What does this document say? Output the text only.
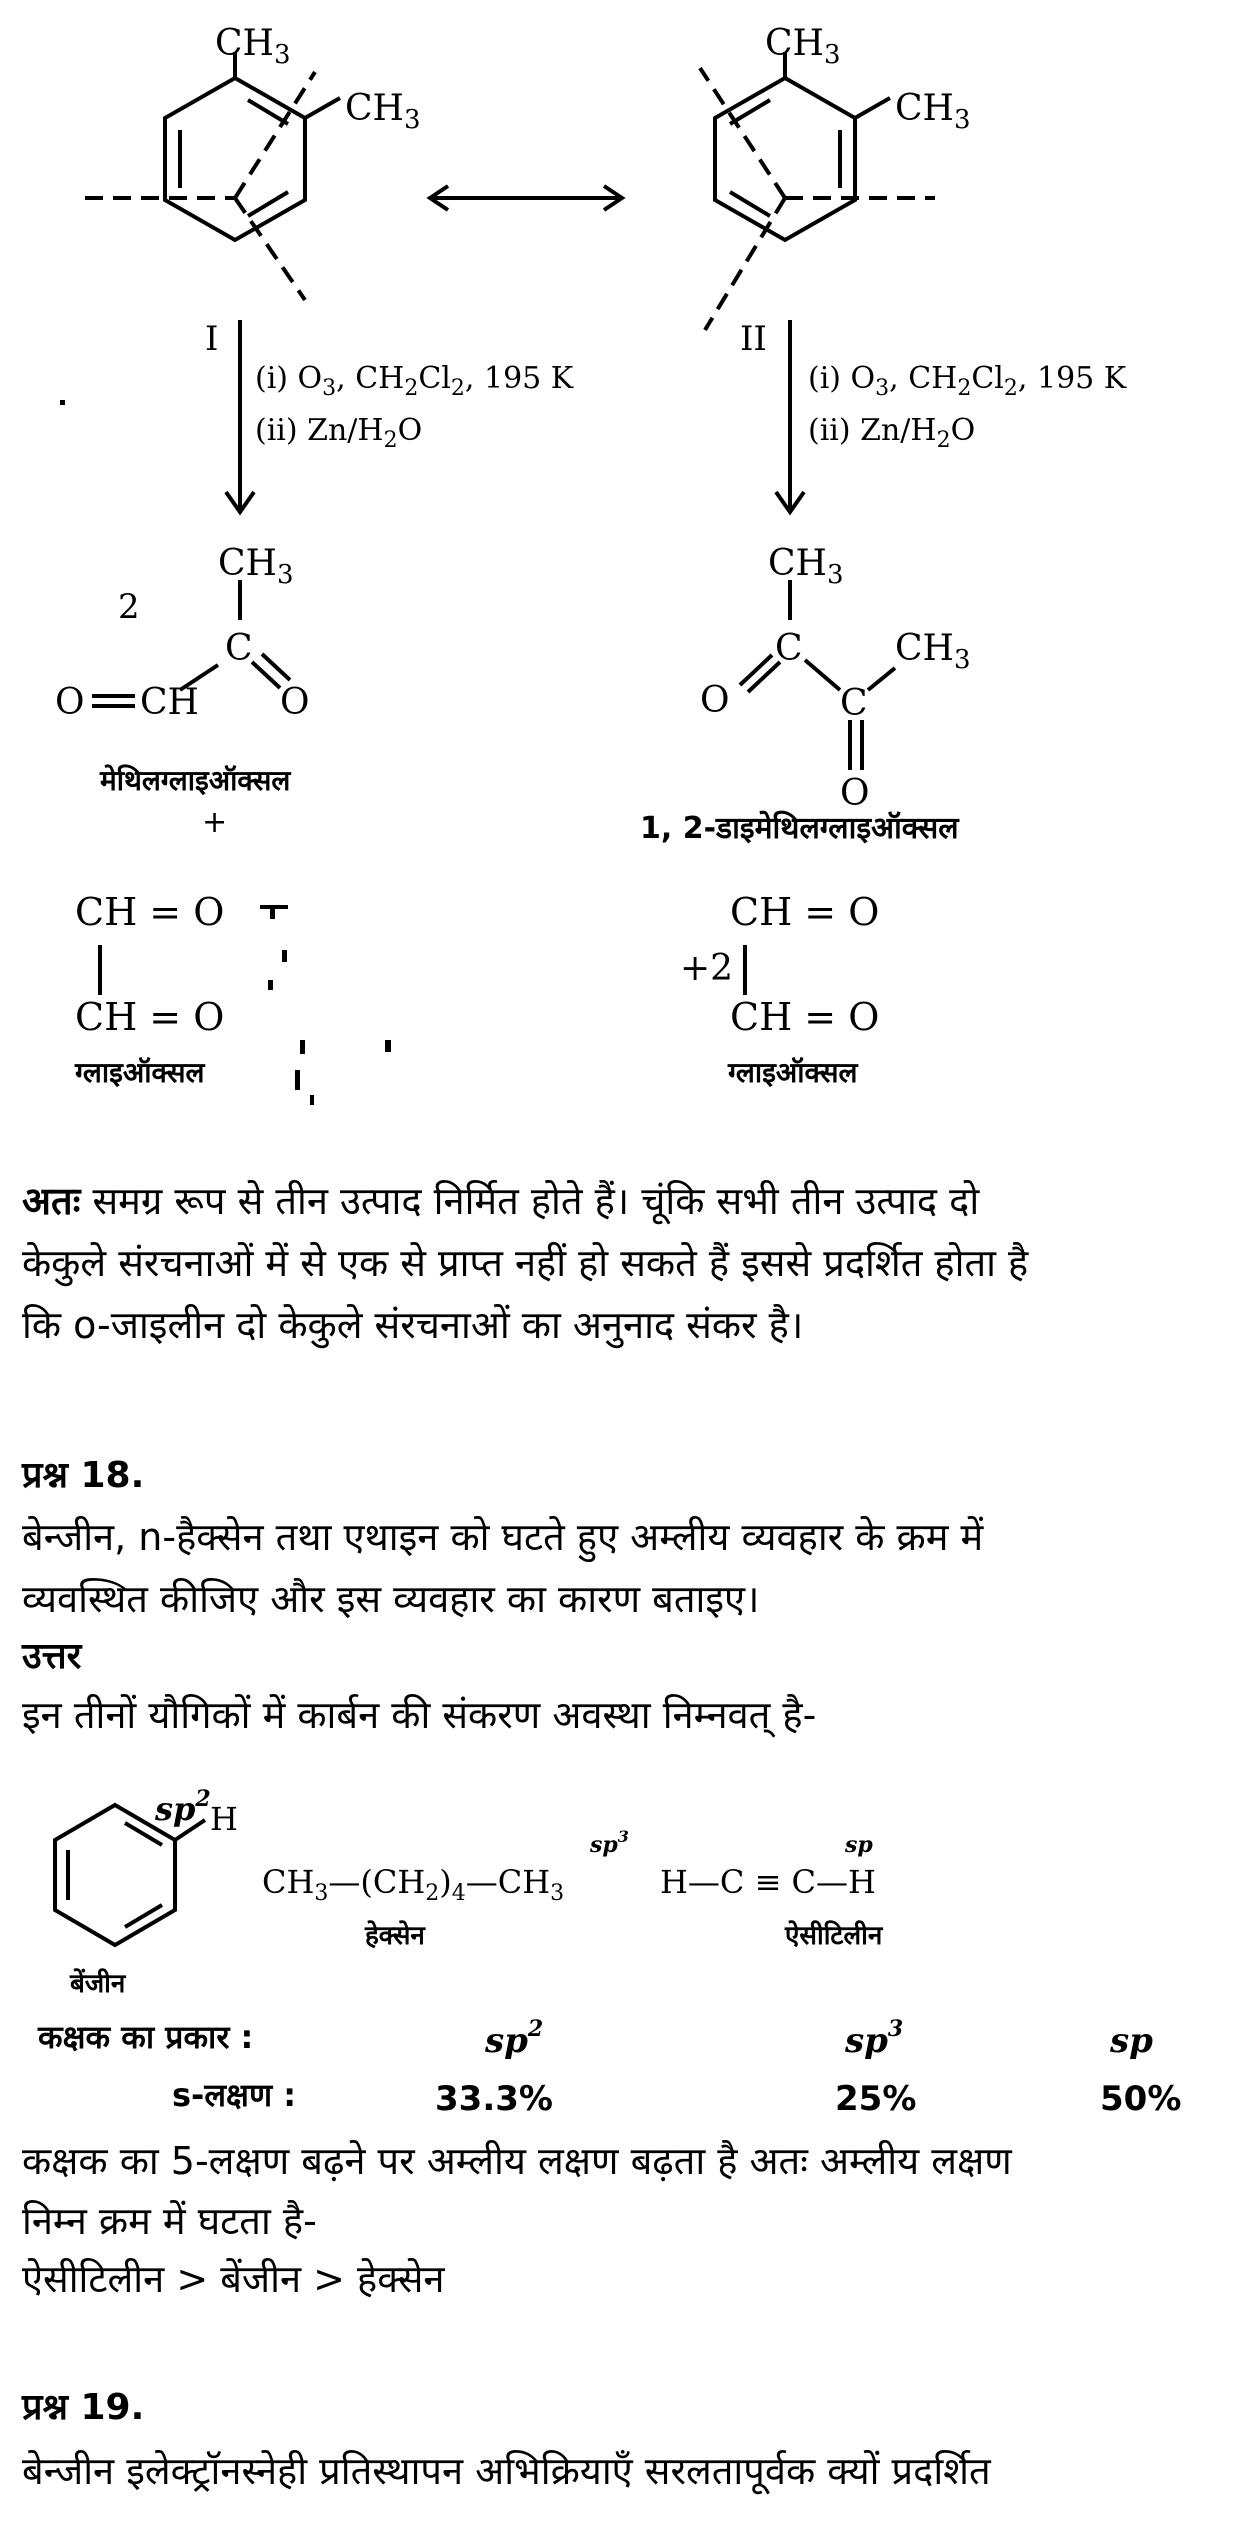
$CH_3$
$CH_3$
I
$CH_3$
$CH_3$
II
(i) $O_3$, $CH_2Cl_2$, 195 K
(ii) $Zn/H_2O$
(i) $O_3$, $CH_2Cl_2$, 195 K
(ii) $Zn/H_2O$
2
$CH_3$
C
O CH O
मेथिलग्लाइऑक्सल
+
$CH_3$
C	$CH_3$
O	C
O
1, 2-डाइमेथिलग्लाइऑक्सल
CH = O
CH = O
ग्लाइऑक्सल
+2
CH = O
CH = O
ग्लाइऑक्सल

अतः समग्र रूप से तीन उत्पाद निर्मित होते हैं। चूंकि सभी तीन उत्पाद दो

केकुले संरचनाओं में से एक से प्राप्त नहीं हो सकते हैं इससे प्रदर्शित होता है

कि o-जाइलीन दो केकुले संरचनाओं का अनुनाद संकर है।

प्रश्न 18.

बेन्जीन, n-हैक्सेन तथा एथाइन को घटते हुए अम्लीय व्यवहार के क्रम में

व्यवस्थित कीजिए और इस व्यवहार का कारण बताइए।

उत्तर

इन तीनों यौगिकों में कार्बन की संकरण अवस्था निम्नवत् है-

$sp^2$
H
बेंजीन
$sp^3$
$CH_3—(CH_2)_4—CH_3$
हेक्सेन
sp
H—C ≡ C—H
ऐसीटिलीन
कक्षक का प्रकार :	$sp^2$	$sp^3$	sp
s-लक्षण :	33.3%	25%	50%

कक्षक का 5-लक्षण बढ़ने पर अम्लीय लक्षण बढ़ता है अतः अम्लीय लक्षण

निम्न क्रम में घटता है-

ऐसीटिलीन > बेंजीन > हेक्सेन

प्रश्न 19.

बेन्जीन इलेक्ट्रॉनस्नेही प्रतिस्थापन अभिक्रियाएँ सरलतापूर्वक क्यों प्रदर्शित
